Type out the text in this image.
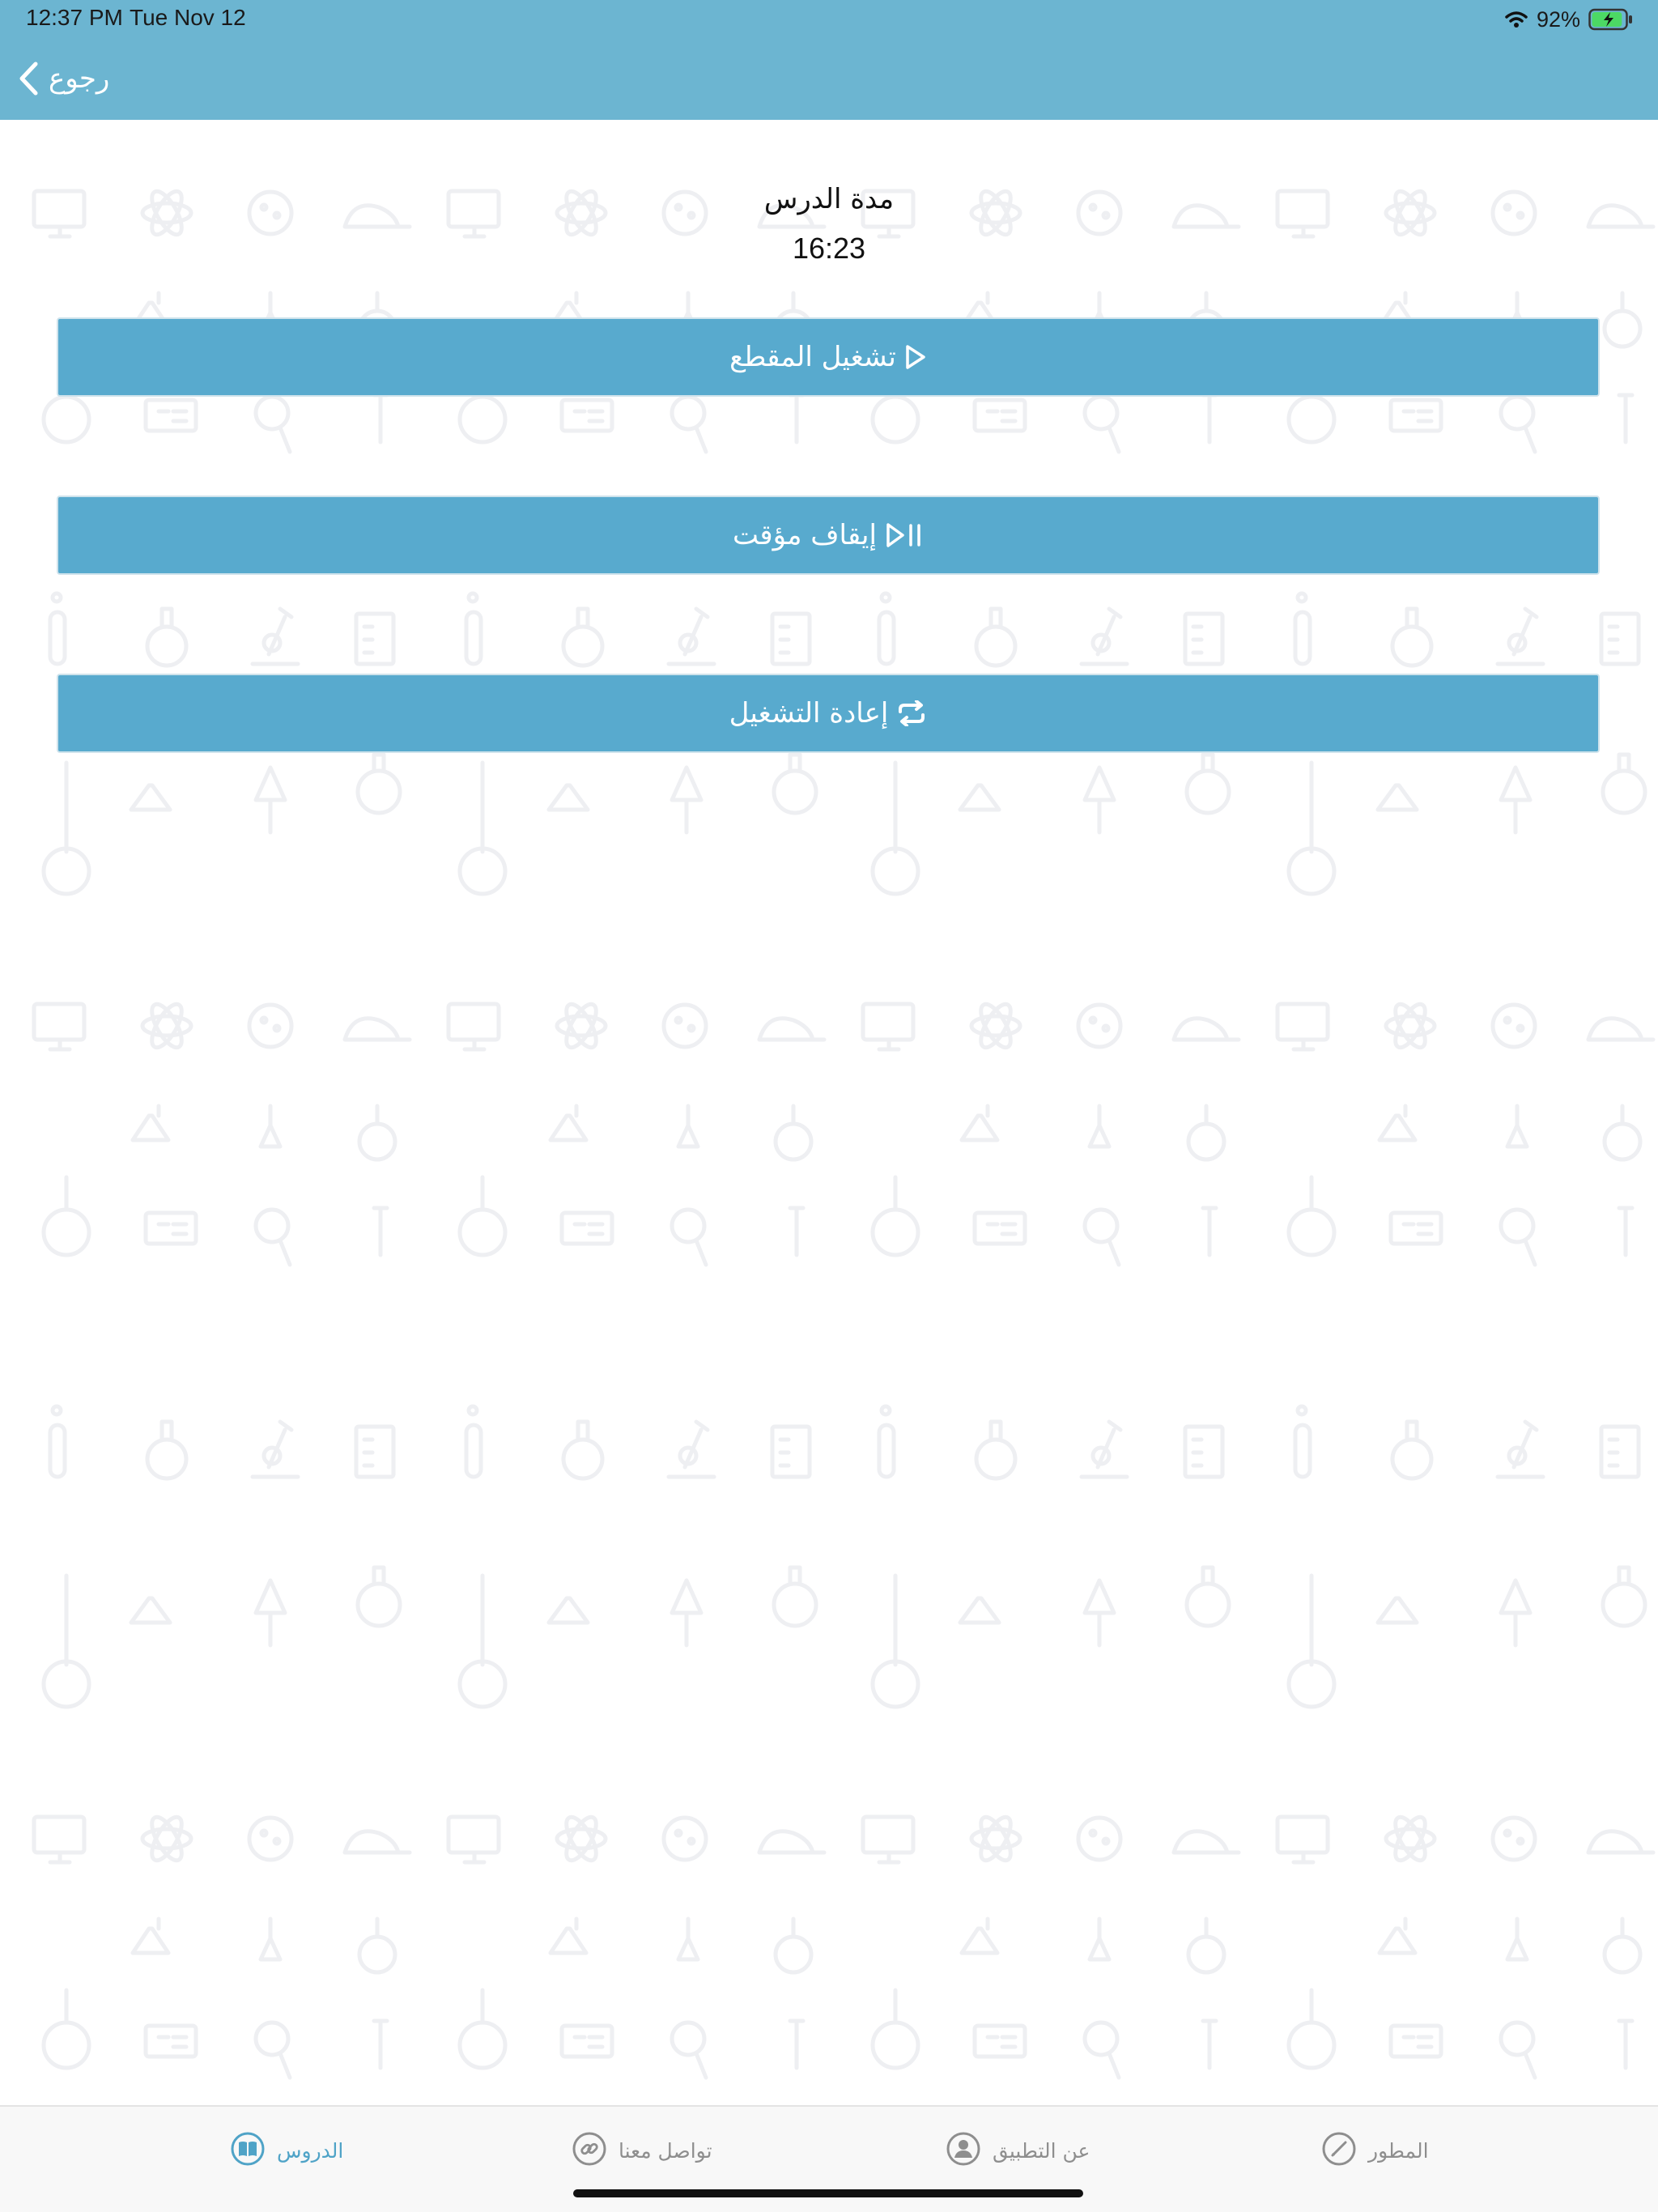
12:37 PM Tue Nov 12	92%
رجوع
مدة الدرس
16:23
تشغيل المقطع
إيقاف مؤقت
إعادة التشغيل
الدروس	تواصل معنا	عن التطبيق	المطور
